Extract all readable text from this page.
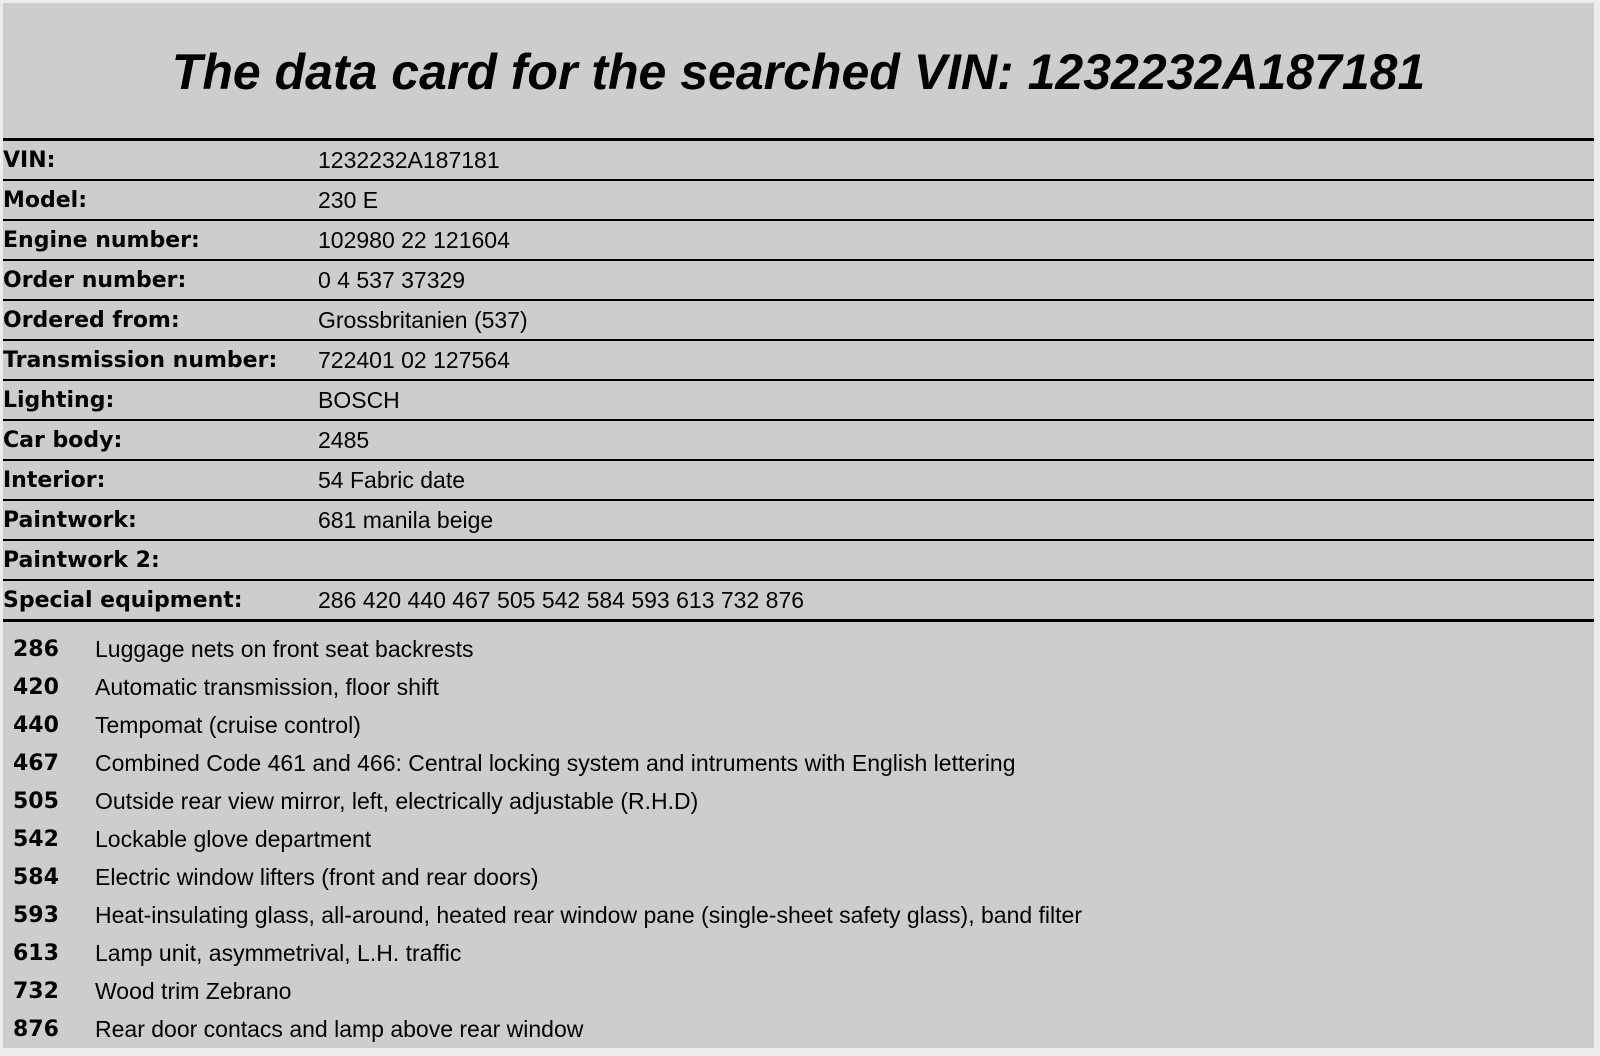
The data card for the searched VIN: 1232232A187181
VIN:	1232232A187181
Model:	230 E
Engine number:	102980 22 121604
Order number:	0 4 537 37329
Ordered from:	Grossbritanien (537)
Transmission number:	722401 02 127564
Lighting:	BOSCH
Car body:	2485
Interior:	54 Fabric date
Paintwork:	681 manila beige
Paintwork 2:	
Special equipment:	286 420 440 467 505 542 584 593 613 732 876
286	Luggage nets on front seat backrests
420	Automatic transmission, floor shift
440	Tempomat (cruise control)
467	Combined Code 461 and 466: Central locking system and intruments with English lettering
505	Outside rear view mirror, left, electrically adjustable (R.H.D)
542	Lockable glove department
584	Electric window lifters (front and rear doors)
593	Heat-insulating glass, all-around, heated rear window pane (single-sheet safety glass), band filter
613	Lamp unit, asymmetrival, L.H. traffic
732	Wood trim Zebrano
876	Rear door contacs and lamp above rear window
